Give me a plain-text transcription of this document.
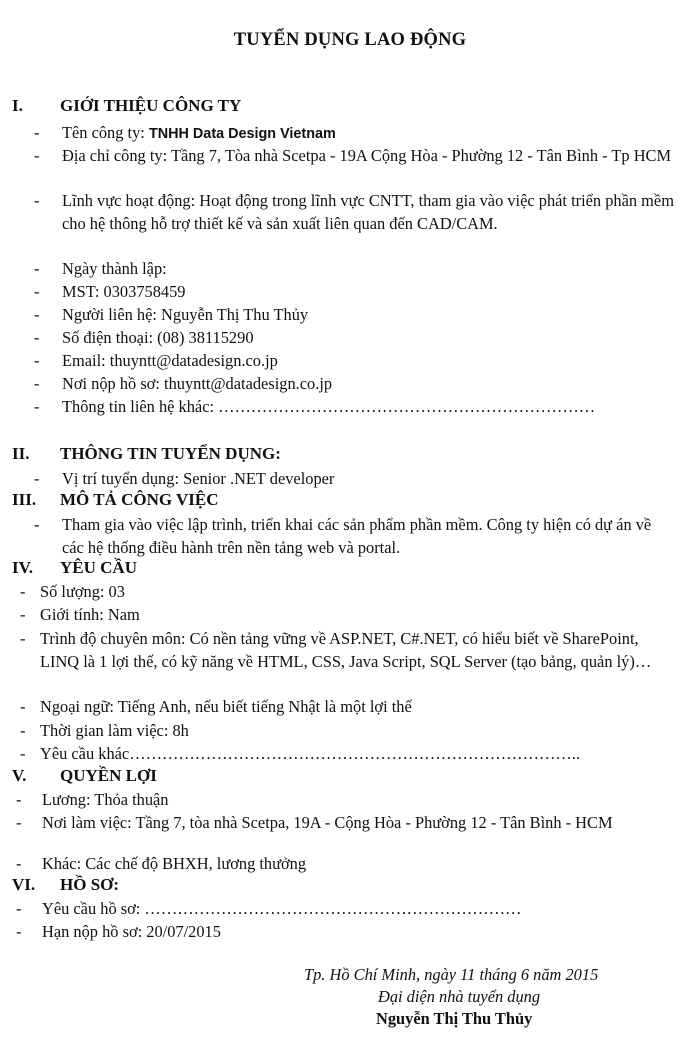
TUYỂN DỤNG LAO ĐỘNG
I. GIỚI THIỆU CÔNG TY
-	Tên công ty: TNHH Data Design Vietnam
-	Địa chỉ công ty: Tầng 7, Tòa nhà Scetpa - 19A Cộng Hòa - Phường 12 - Tân Bình - Tp HCM
-	Lĩnh vực hoạt động: Hoạt động trong lĩnh vực CNTT, tham gia vào việc phát triển phần mềm cho hệ thông hỗ trợ thiết kế và sản xuất liên quan đến CAD/CAM.
-	Ngày thành lập:
-	MST: 0303758459
-	Người liên hệ: Nguyễn Thị Thu Thủy
-	Số điện thoại: (08) 38115290
-	Email: thuyntt@datadesign.co.jp
-	Nơi nộp hồ sơ: thuyntt@datadesign.co.jp
-	Thông tin liên hệ khác: ……………………………………………………………
II. THÔNG TIN TUYỂN DỤNG:
-	Vị trí tuyển dụng: Senior .NET developer
III. MÔ TẢ CÔNG VIỆC
-	Tham gia vào việc lập trình, triển khai các sản phẩm phần mềm. Công ty hiện có dự án về các hệ thống điều hành trên nền tảng web và portal.
IV. YÊU CẦU
- Số lượng: 03
- Giới tính: Nam
- Trình độ chuyên môn: Có nền tảng vững về ASP.NET, C#.NET, có hiểu biết về SharePoint, LINQ là 1 lợi thế, có kỹ năng về HTML, CSS, Java Script, SQL Server (tạo bảng, quản lý)…
- Ngoại ngữ: Tiếng Anh, nếu biết tiếng Nhật là một lợi thế
- Thời gian làm việc: 8h
- Yêu cầu khác………………………………………………………………………..
V. QUYỀN LỢI
-	Lương: Thỏa thuận
-	Nơi làm việc: Tầng 7, tòa nhà Scetpa, 19A - Cộng Hòa - Phường 12 - Tân Bình - HCM
-	Khác: Các chế độ BHXH, lương thưởng
VI. HỒ SƠ:
-	Yêu cầu hồ sơ: ……………………………………………………………
-	Hạn nộp hồ sơ: 20/07/2015
Tp. Hồ Chí Minh, ngày 11 tháng 6 năm 2015
Đại diện nhà tuyển dụng
Nguyễn Thị Thu Thủy
